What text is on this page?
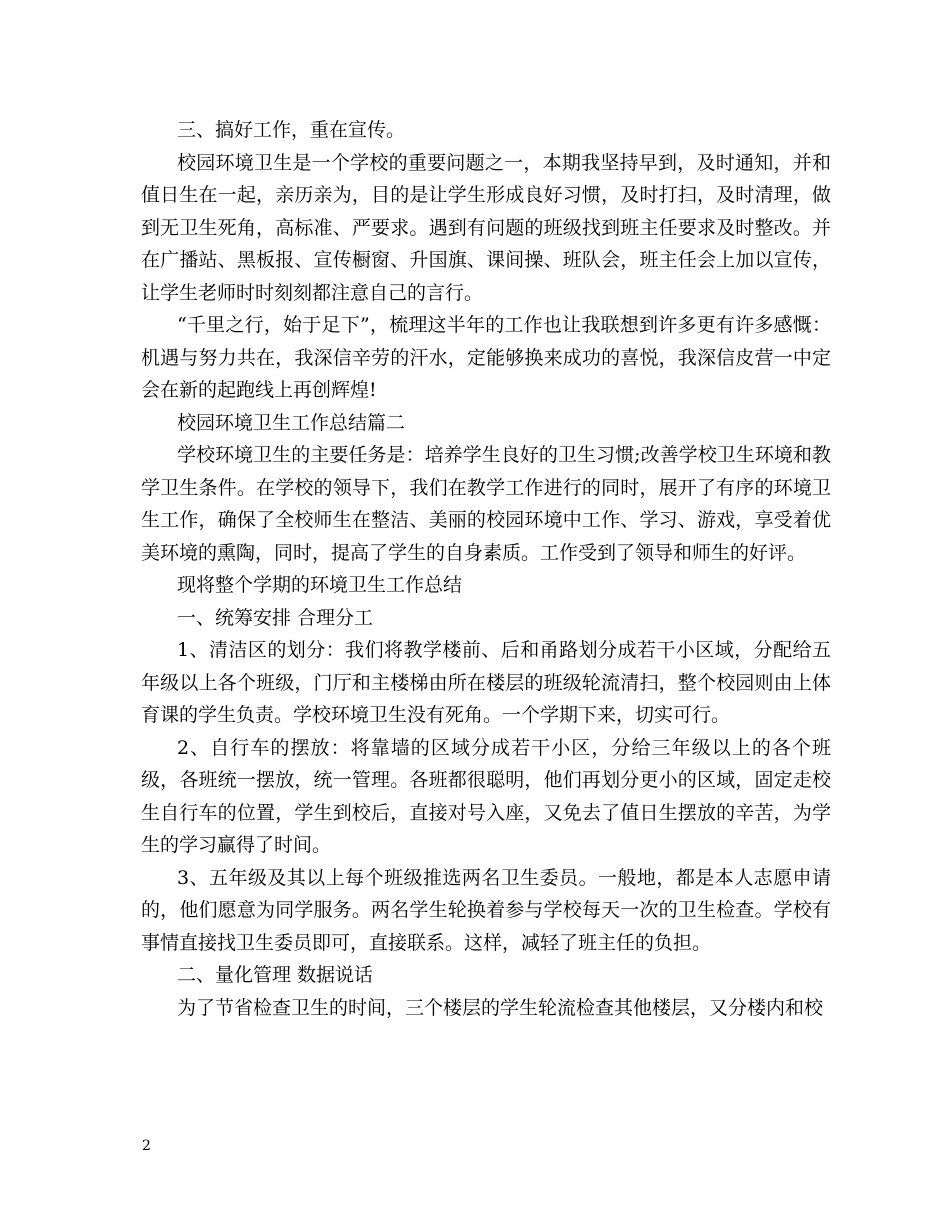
三、搞好工作，重在宣传。

校园环境卫生是一个学校的重要问题之一，本期我坚持早到，及时通知，并和值日生在一起，亲历亲为，目的是让学生形成良好习惯，及时打扫，及时清理，做到无卫生死角，高标准、严要求。遇到有问题的班级找到班主任要求及时整改。并在广播站、黑板报、宣传橱窗、升国旗、课间操、班队会，班主任会上加以宣传，让学生老师时时刻刻都注意自己的言行。

“千里之行，始于足下”，梳理这半年的工作也让我联想到许多更有许多感慨：机遇与努力共在，我深信辛劳的汗水，定能够换来成功的喜悦，我深信皮营一中定会在新的起跑线上再创辉煌!

校园环境卫生工作总结篇二

学校环境卫生的主要任务是：培养学生良好的卫生习惯;改善学校卫生环境和教学卫生条件。在学校的领导下，我们在教学工作进行的同时，展开了有序的环境卫生工作，确保了全校师生在整洁、美丽的校园环境中工作、学习、游戏，享受着优美环境的熏陶，同时，提高了学生的自身素质。工作受到了领导和师生的好评。

现将整个学期的环境卫生工作总结

一、统筹安排 合理分工

1、清洁区的划分：我们将教学楼前、后和甬路划分成若干小区域，分配给五年级以上各个班级，门厅和主楼梯由所在楼层的班级轮流清扫，整个校园则由上体育课的学生负责。学校环境卫生没有死角。一个学期下来，切实可行。

2、自行车的摆放：将靠墙的区域分成若干小区，分给三年级以上的各个班级，各班统一摆放，统一管理。各班都很聪明，他们再划分更小的区域，固定走校生自行车的位置，学生到校后，直接对号入座，又免去了值日生摆放的辛苦，为学生的学习赢得了时间。

3、五年级及其以上每个班级推选两名卫生委员。一般地，都是本人志愿申请的，他们愿意为同学服务。两名学生轮换着参与学校每天一次的卫生检查。学校有事情直接找卫生委员即可，直接联系。这样，减轻了班主任的负担。

二、量化管理 数据说话

为了节省检查卫生的时间，三个楼层的学生轮流检查其他楼层，又分楼内和校

2
